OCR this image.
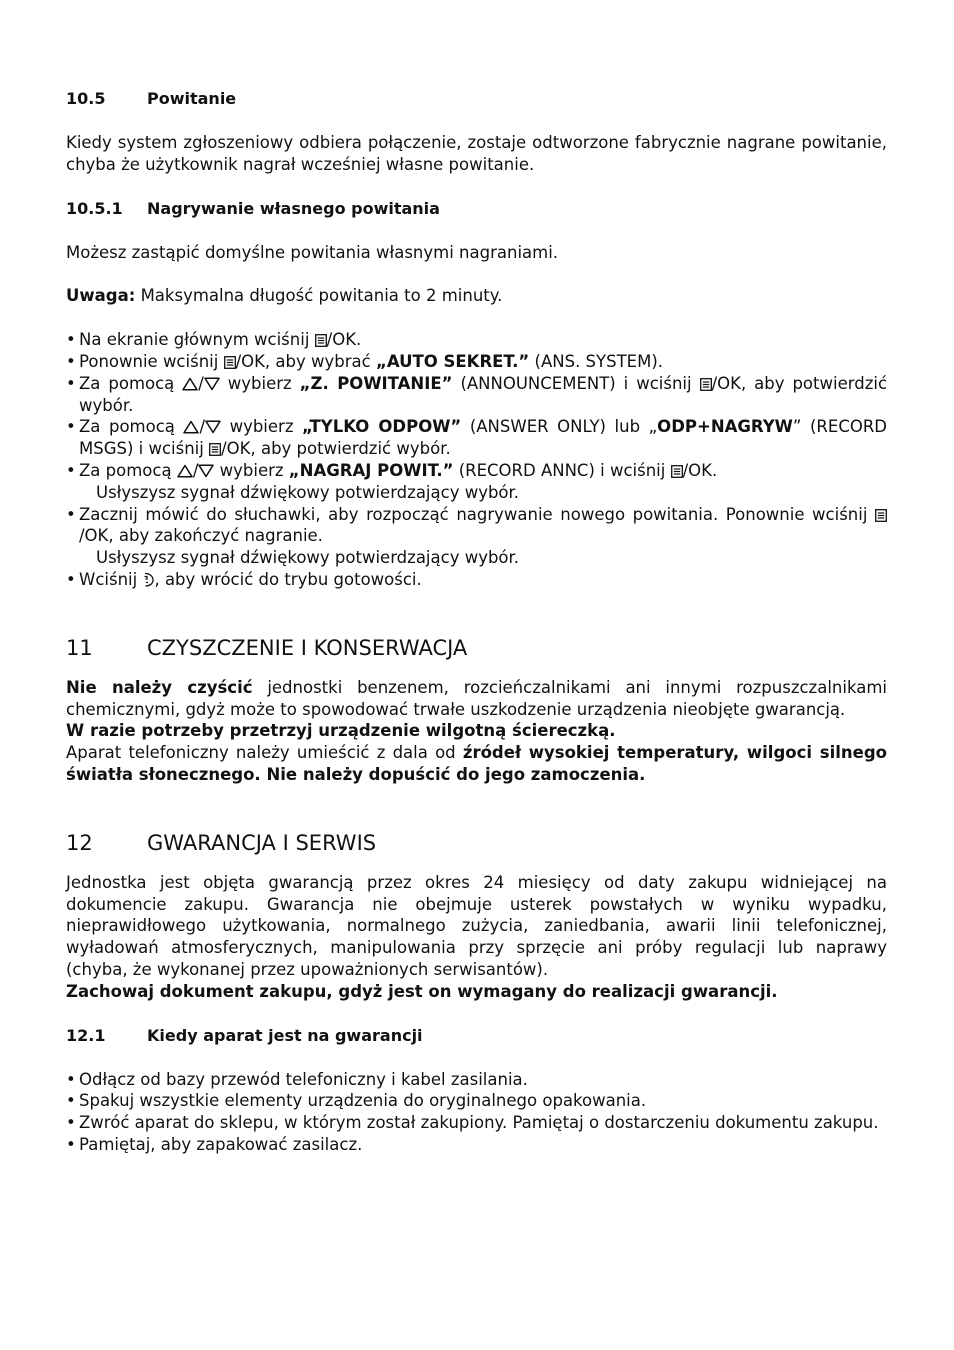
10.5	Powitanie

Kiedy system zgłoszeniowy odbiera połączenie, zostaje odtworzone fabrycznie nagrane powitanie, chyba że użytkownik nagrał wcześniej własne powitanie.

10.5.1	Nagrywanie własnego powitania

Możesz zastąpić domyślne powitania własnymi nagraniami.

Uwaga: Maksymalna długość powitania to 2 minuty.

• Na ekranie głównym wciśnij /OK.
• Ponownie wciśnij /OK, aby wybrać „AUTO SEKRET.” (ANS. SYSTEM).
• Za pomocą / wybierz „Z. POWITANIE” (ANNOUNCEMENT) i wciśnij /OK, aby potwierdzić wybór.
• Za pomocą / wybierz „TYLKO ODPOW” (ANSWER ONLY) lub „ODP+NAGRYW” (RECORD MSGS) i wciśnij /OK, aby potwierdzić wybór.
• Za pomocą / wybierz „NAGRAJ POWIT.” (RECORD ANNC) i wciśnij /OK.
Usłyszysz sygnał dźwiękowy potwierdzający wybór.
• Zacznij mówić do słuchawki, aby rozpocząć nagrywanie nowego powitania. Ponownie wciśnij /OK, aby zakończyć nagranie.
Usłyszysz sygnał dźwiękowy potwierdzający wybór.
• Wciśnij , aby wrócić do trybu gotowości.
11	CZYSZCZENIE I KONSERWACJA

Nie należy czyścić jednostki benzenem, rozcieńczalnikami ani innymi rozpuszczalnikami chemicznymi, gdyż może to spowodować trwałe uszkodzenie urządzenia nieobjęte gwarancją.

W razie potrzeby przetrzyj urządzenie wilgotną ściereczką.

Aparat telefoniczny należy umieścić z dala od źródeł wysokiej temperatury, wilgoci silnego światła słonecznego. Nie należy dopuścić do jego zamoczenia.

12	GWARANCJA I SERWIS

Jednostka jest objęta gwarancją przez okres 24 miesięcy od daty zakupu widniejącej na dokumencie zakupu. Gwarancja nie obejmuje usterek powstałych w wyniku wypadku, nieprawidłowego użytkowania, normalnego zużycia, zaniedbania, awarii linii telefonicznej, wyładowań atmosferycznych, manipulowania przy sprzęcie ani próby regulacji lub naprawy (chyba, że wykonanej przez upoważnionych serwisantów).

Zachowaj dokument zakupu, gdyż jest on wymagany do realizacji gwarancji.

12.1	Kiedy aparat jest na gwarancji
• Odłącz od bazy przewód telefoniczny i kabel zasilania.
• Spakuj wszystkie elementy urządzenia do oryginalnego opakowania.
• Zwróć aparat do sklepu, w którym został zakupiony. Pamiętaj o dostarczeniu dokumentu zakupu.
• Pamiętaj, aby zapakować zasilacz.
